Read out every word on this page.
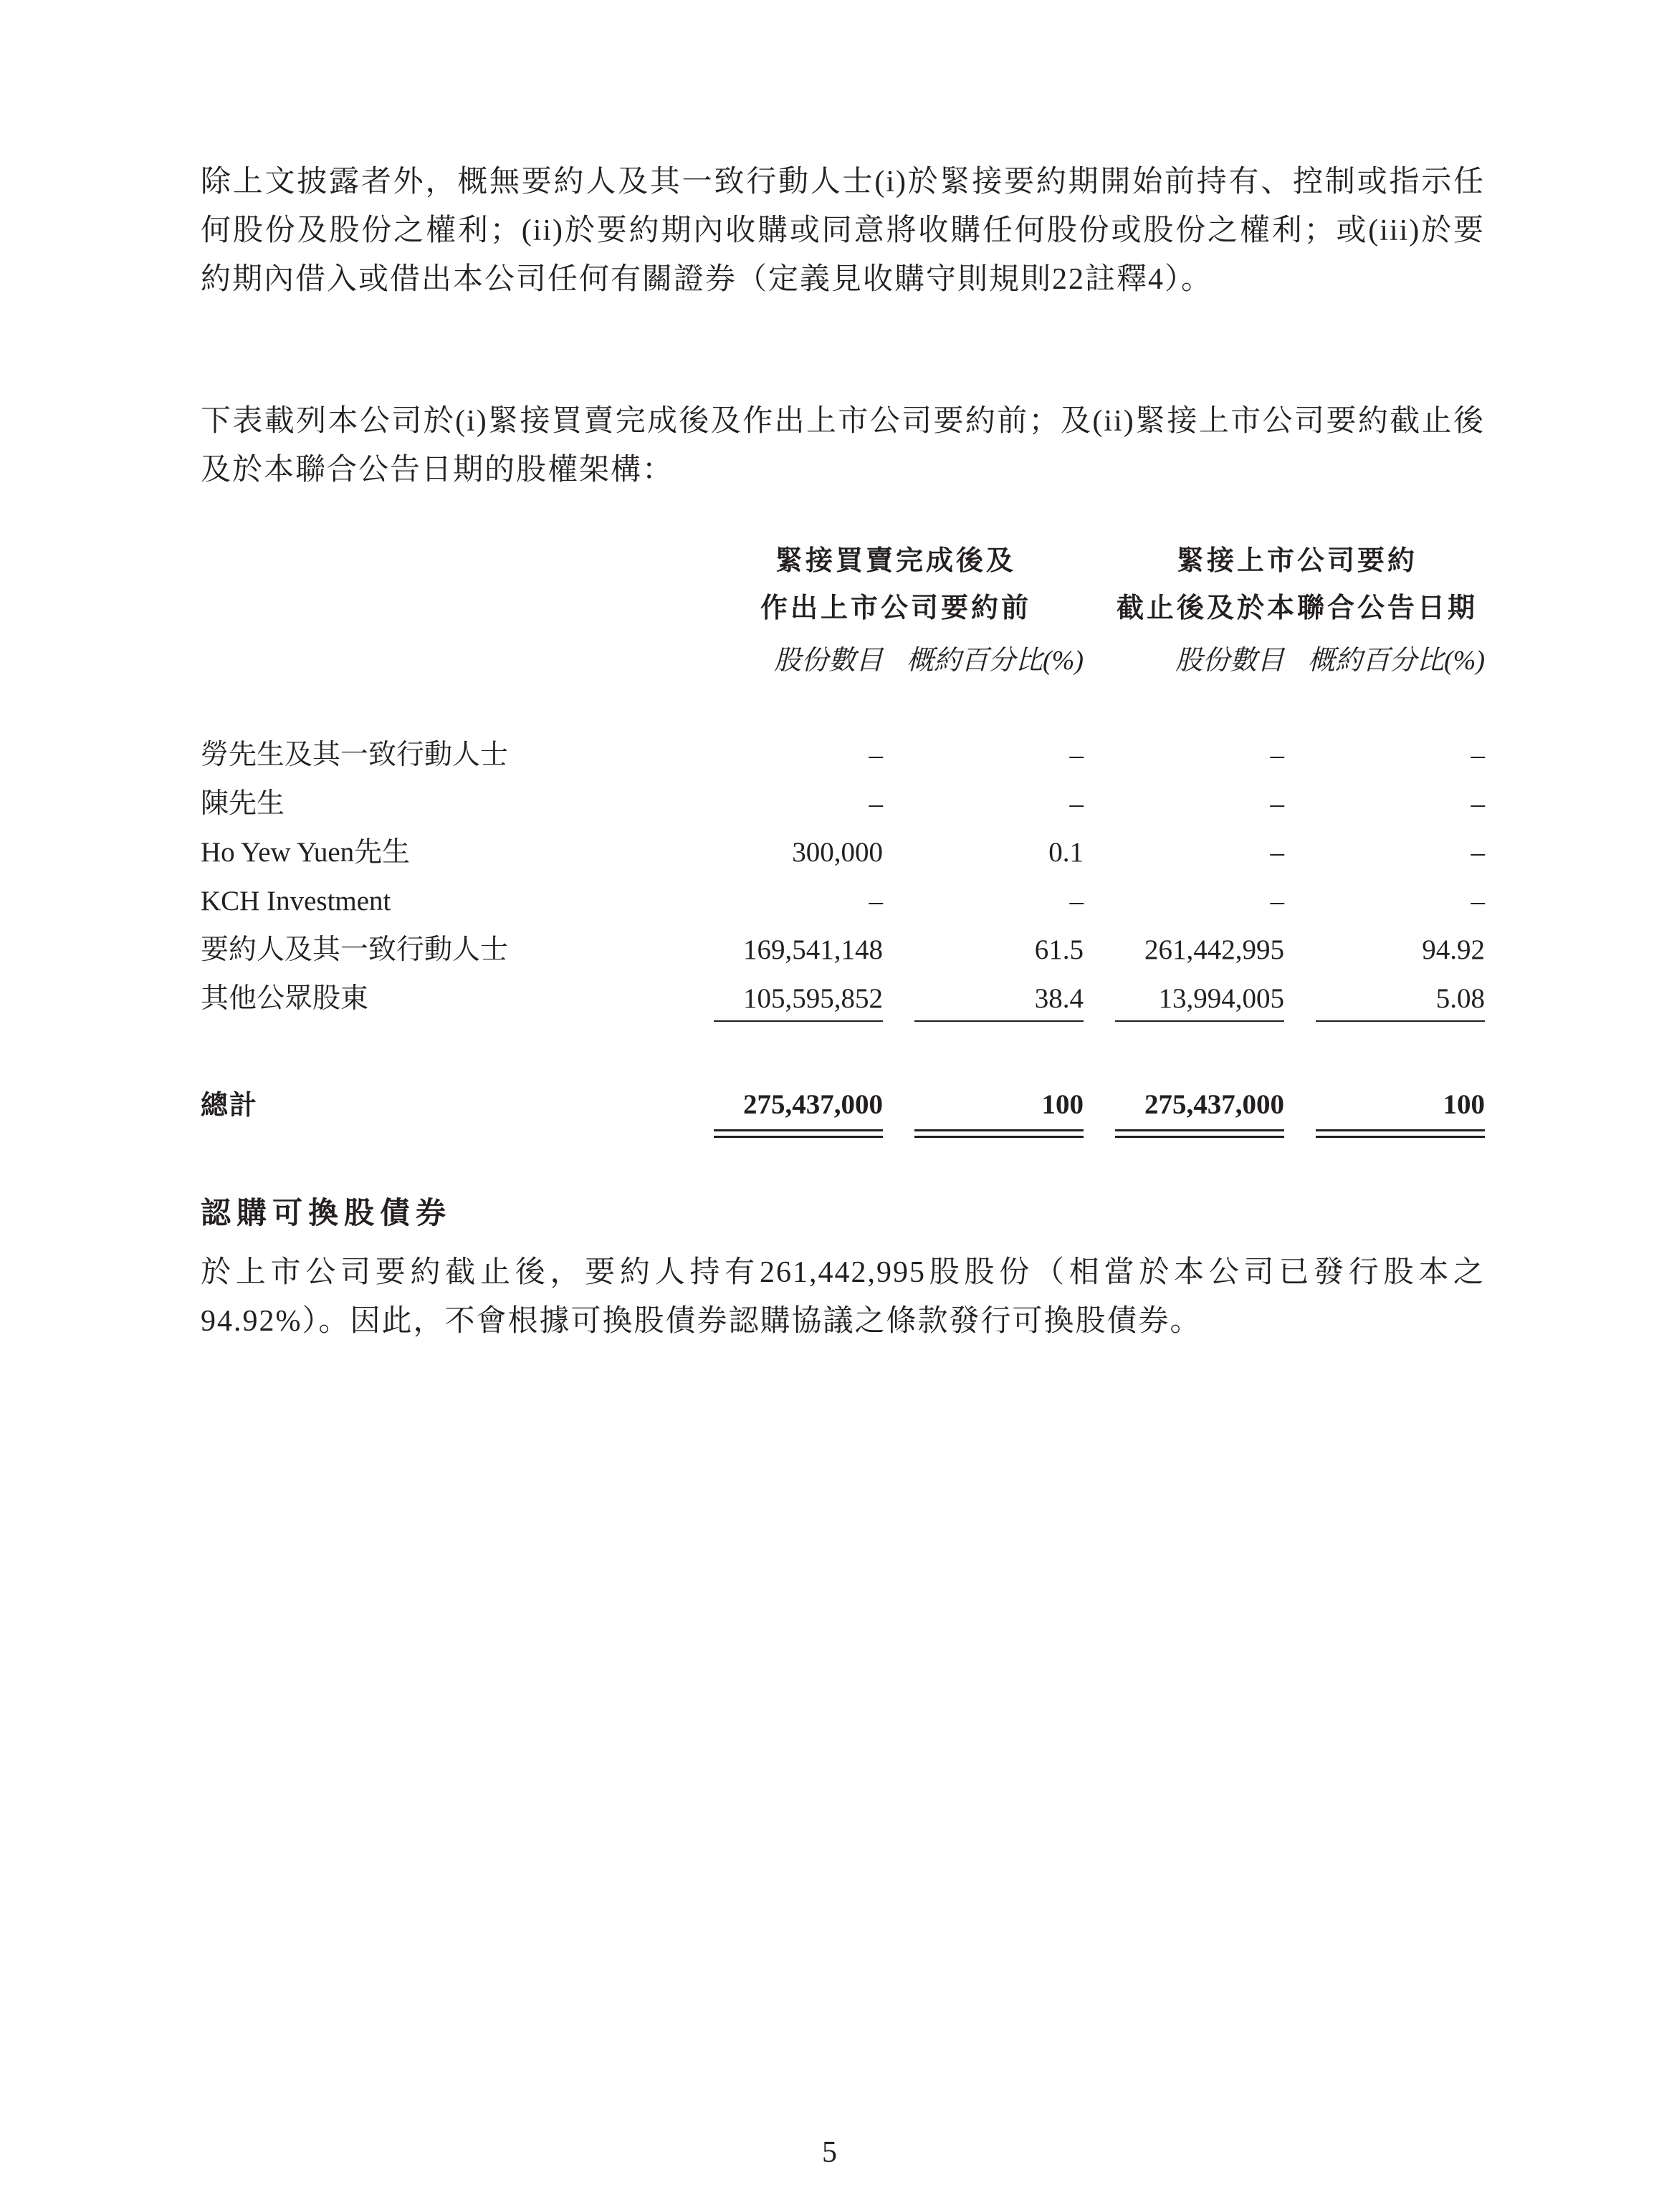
除上文披露者外，概無要約人及其一致行動人士(i)於緊接要約期開始前持有、控制或指示任何股份及股份之權利；(ii)於要約期內收購或同意將收購任何股份或股份之權利；或(iii)於要約期內借入或借出本公司任何有關證券（定義見收購守則規則22註釋4）。

下表載列本公司於(i)緊接買賣完成後及作出上市公司要約前；及(ii)緊接上市公司要約截止後及於本聯合公告日期的股權架構：

緊接買賣完成後及
作出上市公司要約前
緊接上市公司要約
截止後及於本聯合公告日期
股份數目 概約百分比(%)	股份數目 概約百分比(%)
勞先生及其一致行動人士	–	–	–	–
陳先生	–	–	–	–
Ho Yew Yuen先生	300,000	0.1	–	–
KCH Investment	–	–	–	–
要約人及其一致行動人士	169,541,148	61.5	261,442,995	94.92
其他公眾股東	105,595,852	38.4	13,994,005	5.08
總計	275,437,000	100	275,437,000	100
認購可換股債券

於上市公司要約截止後，要約人持有261,442,995股股份（相當於本公司已發行股本之94.92%）。因此，不會根據可換股債券認購協議之條款發行可換股債券。

5
